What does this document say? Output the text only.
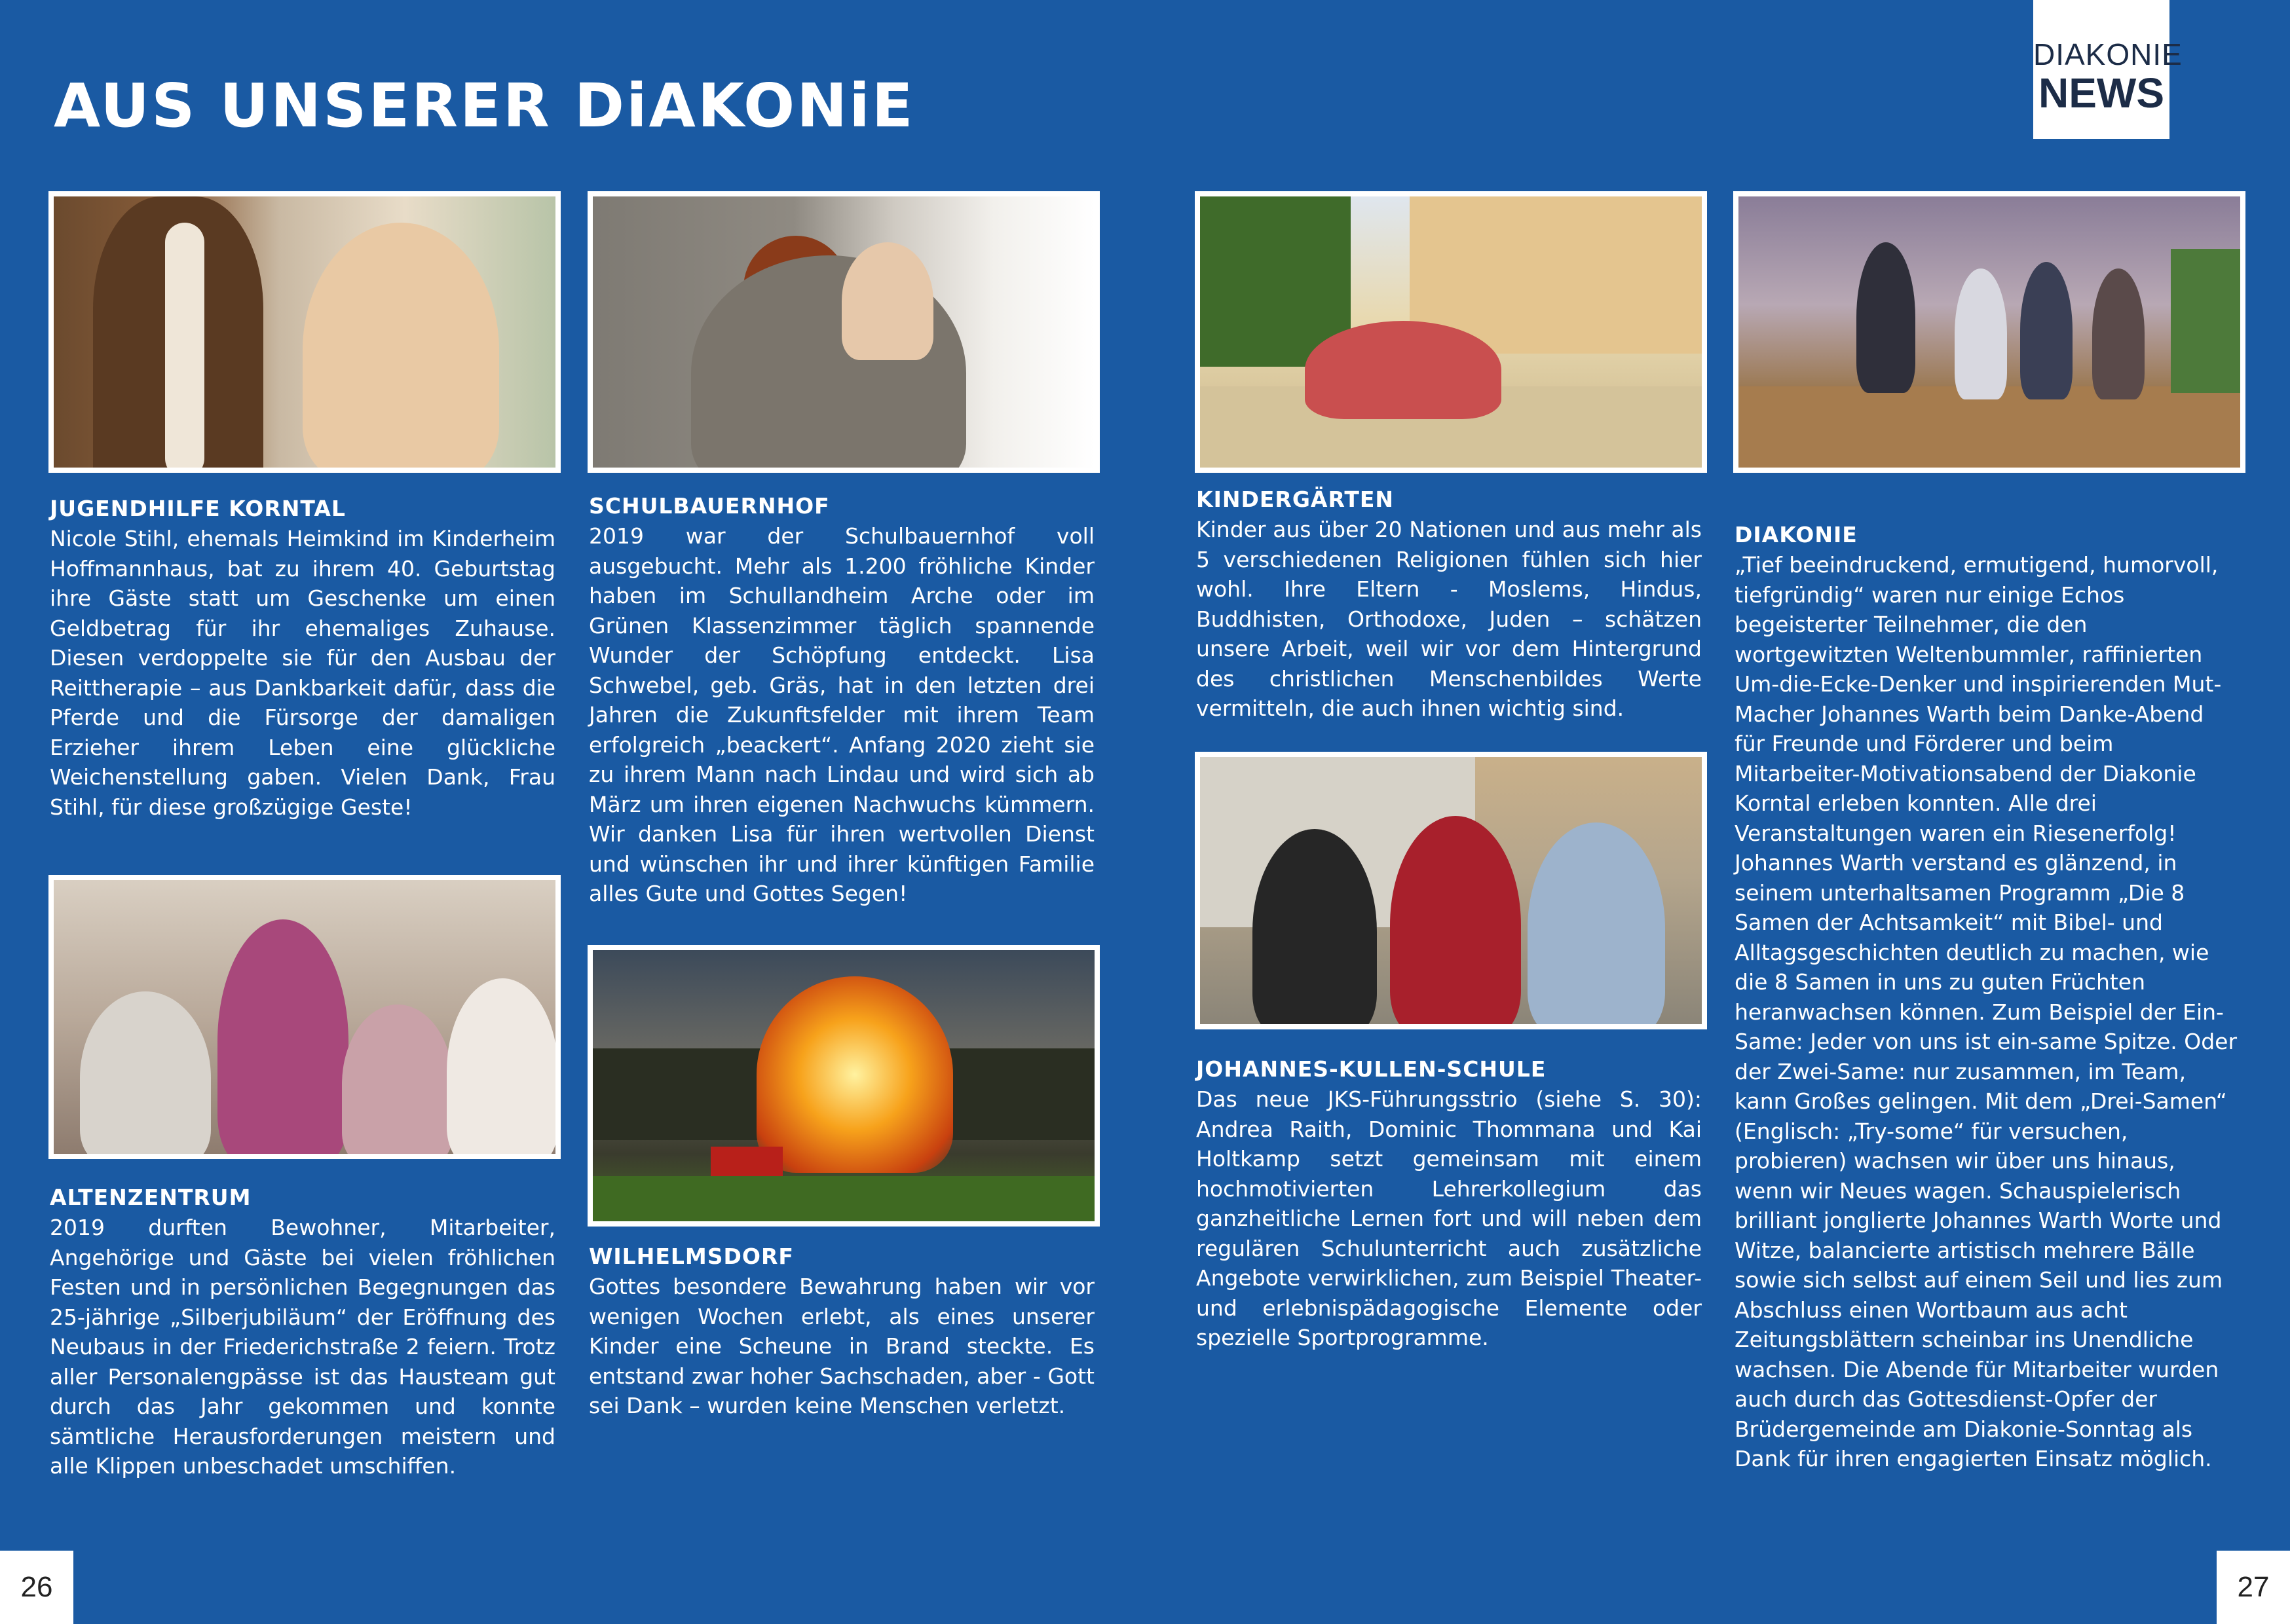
AUS UNSERER DiAKONiE
DIAKONIE
NEWS
JUGENDHILFE KORNTAL

Nicole Stihl, ehemals Heimkind im Kinderheim Hoffmannhaus, bat zu ihrem 40. Geburtstag ihre Gäste statt um Geschenke um einen Geldbetrag für ihr ehemaliges Zuhause. Diesen verdoppelte sie für den Ausbau der Reittherapie – aus Dankbarkeit dafür, dass die Pferde und die Fürsorge der damaligen Erzieher ihrem Leben eine glückliche Weichenstellung gaben. Vielen Dank, Frau Stihl, für diese großzügige Geste!

ALTENZENTRUM

2019 durften Bewohner, Mitarbeiter, Angehörige und Gäste bei vielen fröhlichen Festen und in persönlichen Begegnungen das 25-jährige „Silberjubiläum“ der Eröffnung des Neubaus in der Friederichstraße 2 feiern. Trotz aller Personalengpässe ist das Hausteam gut durch das Jahr gekommen und konnte sämtliche Herausforderungen meistern und alle Klippen unbeschadet umschiffen.

SCHULBAUERNHOF

2019 war der Schulbauernhof voll ausgebucht. Mehr als 1.200 fröhliche Kinder haben im Schullandheim Arche oder im Grünen Klassenzimmer täglich spannende Wunder der Schöpfung entdeckt. Lisa Schwebel, geb. Gräs, hat in den letzten drei Jahren die Zukunftsfelder mit ihrem Team erfolgreich „beackert“. Anfang 2020 zieht sie zu ihrem Mann nach Lindau und wird sich ab März um ihren eigenen Nachwuchs kümmern. Wir danken Lisa für ihren wertvollen Dienst und wünschen ihr und ihrer künftigen Familie alles Gute und Gottes Segen!

WILHELMSDORF

Gottes besondere Bewahrung haben wir vor wenigen Wochen erlebt, als eines unserer Kinder eine Scheune in Brand steckte. Es entstand zwar hoher Sachschaden, aber - Gott sei Dank – wurden keine Menschen verletzt.

KINDERGÄRTEN

Kinder aus über 20 Nationen und aus mehr als 5 verschiedenen Religionen fühlen sich hier wohl. Ihre Eltern - Moslems, Hindus, Buddhisten, Orthodoxe, Juden – schätzen unsere Arbeit, weil wir vor dem Hintergrund des christlichen Menschenbildes Werte vermitteln, die auch ihnen wichtig sind.

JOHANNES-KULLEN-SCHULE

Das neue JKS-Führungsstrio (siehe S. 30): Andrea Raith, Dominic Thommana und Kai Holtkamp setzt gemeinsam mit einem hochmotivierten Lehrerkollegium das ganzheitliche Lernen fort und will neben dem regulären Schulunterricht auch zusätzliche Angebote verwirklichen, zum Beispiel Theater- und erlebnispädagogische Elemente oder spezielle Sportprogramme.

DIAKONIE

„Tief beeindruckend, ermutigend, humorvoll, tiefgründig“ waren nur einige Echos begeisterter Teilnehmer, die den wortgewitzten Weltenbummler, raffinierten Um-die-Ecke-Denker und inspirierenden Mut-Macher Johannes Warth beim Danke-Abend für Freunde und Förderer und beim Mitarbeiter-Motivationsabend der Diakonie Korntal erleben konnten. Alle drei Veranstaltungen waren ein Riesenerfolg! Johannes Warth verstand es glänzend, in seinem unterhaltsamen Programm „Die 8 Samen der Achtsamkeit“ mit Bibel- und Alltagsgeschichten deutlich zu machen, wie die 8 Samen in uns zu guten Früchten heranwachsen können. Zum Beispiel der Ein-Same: Jeder von uns ist ein-same Spitze. Oder der Zwei-Same: nur zusammen, im Team, kann Großes gelingen. Mit dem „Drei-Samen“ (Englisch: „Try-some“ für versuchen, probieren) wachsen wir über uns hinaus, wenn wir Neues wagen. Schauspielerisch brilliant jonglierte Johannes Warth Worte und Witze, balancierte artistisch mehrere Bälle sowie sich selbst auf einem Seil und lies zum Abschluss einen Wortbaum aus acht Zeitungsblättern scheinbar ins Unendliche wachsen. Die Abende für Mitarbeiter wurden auch durch das Gottesdienst-Opfer der Brüdergemeinde am Diakonie-Sonntag als Dank für ihren engagierten Einsatz möglich.

26	27
